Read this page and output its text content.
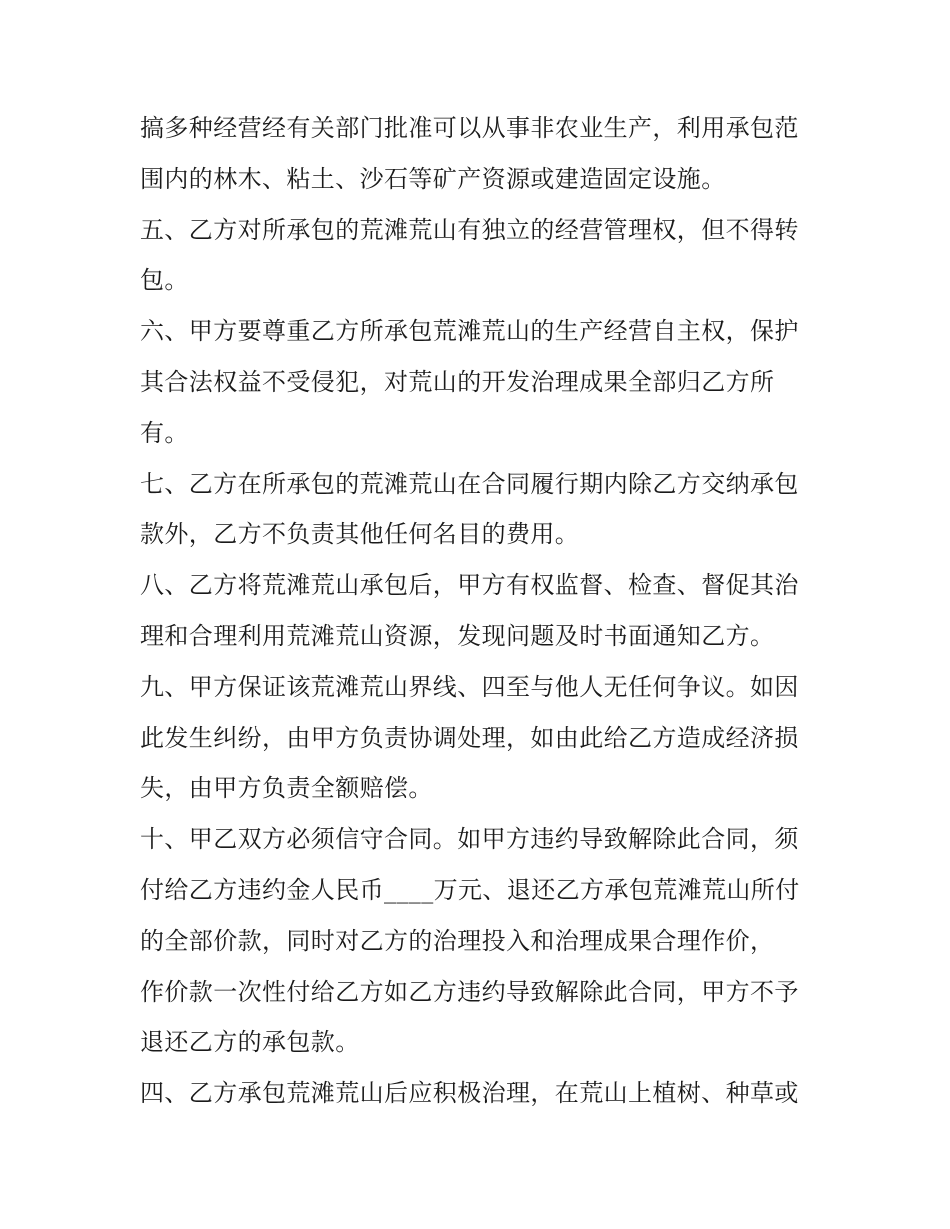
搞多种经营经有关部门批准可以从事非农业生产，利用承包范
围内的林木、粘土、沙石等矿产资源或建造固定设施。
五、乙方对所承包的荒滩荒山有独立的经营管理权，但不得转
包。
六、甲方要尊重乙方所承包荒滩荒山的生产经营自主权，保护
其合法权益不受侵犯，对荒山的开发治理成果全部归乙方所
有。
七、乙方在所承包的荒滩荒山在合同履行期内除乙方交纳承包
款外，乙方不负责其他任何名目的费用。
八、乙方将荒滩荒山承包后，甲方有权监督、检查、督促其治
理和合理利用荒滩荒山资源，发现问题及时书面通知乙方。
九、甲方保证该荒滩荒山界线、四至与他人无任何争议。如因
此发生纠纷，由甲方负责协调处理，如由此给乙方造成经济损
失，由甲方负责全额赔偿。
十、甲乙双方必须信守合同。如甲方违约导致解除此合同，须
付给乙方违约金人民币____万元、退还乙方承包荒滩荒山所付
的全部价款，同时对乙方的治理投入和治理成果合理作价，
作价款一次性付给乙方如乙方违约导致解除此合同，甲方不予
退还乙方的承包款。
四、乙方承包荒滩荒山后应积极治理，在荒山上植树、种草或
